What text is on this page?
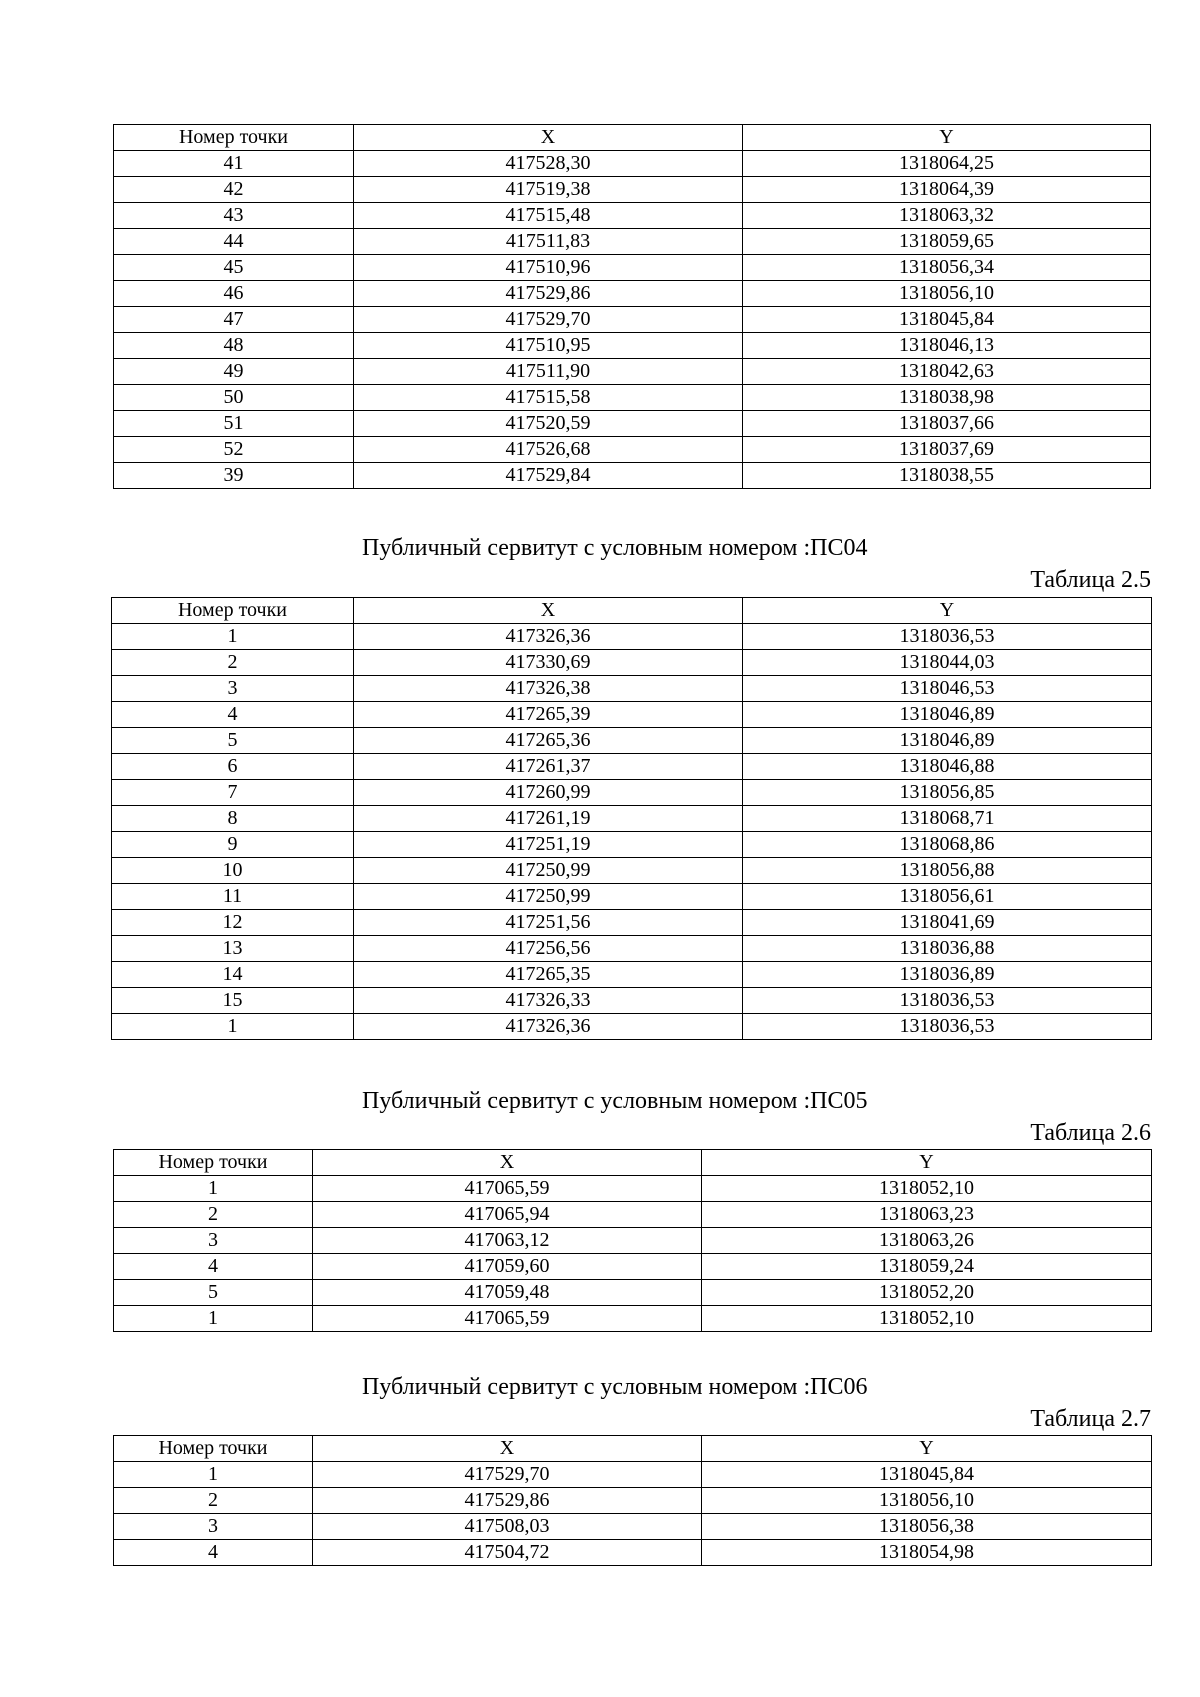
Номер точки	X	Y
41	417528,30	1318064,25
42	417519,38	1318064,39
43	417515,48	1318063,32
44	417511,83	1318059,65
45	417510,96	1318056,34
46	417529,86	1318056,10
47	417529,70	1318045,84
48	417510,95	1318046,13
49	417511,90	1318042,63
50	417515,58	1318038,98
51	417520,59	1318037,66
52	417526,68	1318037,69
39	417529,84	1318038,55
Публичный сервитут с условным номером :ПС04
Таблица 2.5
Номер точки	X	Y
1	417326,36	1318036,53
2	417330,69	1318044,03
3	417326,38	1318046,53
4	417265,39	1318046,89
5	417265,36	1318046,89
6	417261,37	1318046,88
7	417260,99	1318056,85
8	417261,19	1318068,71
9	417251,19	1318068,86
10	417250,99	1318056,88
11	417250,99	1318056,61
12	417251,56	1318041,69
13	417256,56	1318036,88
14	417265,35	1318036,89
15	417326,33	1318036,53
1	417326,36	1318036,53
Публичный сервитут с условным номером :ПС05
Таблица 2.6
Номер точки	X	Y
1	417065,59	1318052,10
2	417065,94	1318063,23
3	417063,12	1318063,26
4	417059,60	1318059,24
5	417059,48	1318052,20
1	417065,59	1318052,10
Публичный сервитут с условным номером :ПС06
Таблица 2.7
Номер точки	X	Y
1	417529,70	1318045,84
2	417529,86	1318056,10
3	417508,03	1318056,38
4	417504,72	1318054,98
